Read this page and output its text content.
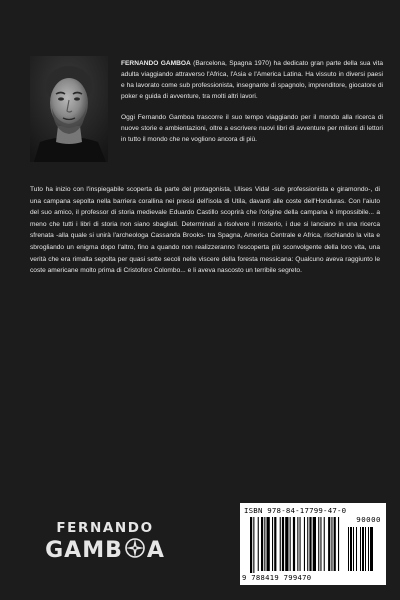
FERNANDO GAMBOA (Barcelona, Spagna 1970) ha dedicato gran parte della sua vita adulta viaggiando attraverso l'Africa, l'Asia e l'America Latina. Ha vissuto in diversi paesi e ha lavorato come sub professionista, insegnante di spagnolo, imprenditore, giocatore di poker e guida di avventure, tra molti altri lavori.

Oggi Fernando Gamboa trascorre il suo tempo viaggiando per il mondo alla ricerca di nuove storie e ambientazioni, oltre a escrivere nuovi libri di avventure per milioni di lettori in tutto il mondo che ne vogliono ancora di più.

Tuto ha inizio con l'inspiegabile scoperta da parte del protagonista, Ulises Vidal -sub professionista e giramondo-, di una campana sepolta nella barriera corallina nei pressi dell'isola di Utila, davanti alle coste dell'Honduras. Con l'aiuto del suo amico, il professor di storia medievale Eduardo Castillo scoprirà che l'origine della campana è impossibile... a meno che tutti i libri di storia non siano sbagliati. Determinati a risolvere il misterio, i due si lanciano in una ricerca sfrenata -alla quale si unirà l'archeologa Cassanda Brooks- tra Spagna, America Centrale e Africa, rischiando la vita e sbrogliando un enigma dopo l'altro, fino a quando non realizzeranno l'escoperta più sconvolgente della loro vita, una verità che era rimalta sepolta per quasi sette secoli nelle viscere della foresta messicana: Qualcuno aveva raggiunto le coste americane molto prima di Cristoforo Colombo... e li aveva nascosto un terribile segreto.

FERNANDO
GAMB A
ISBN 978-84-17799-47-0
90000
9 788419 799470
